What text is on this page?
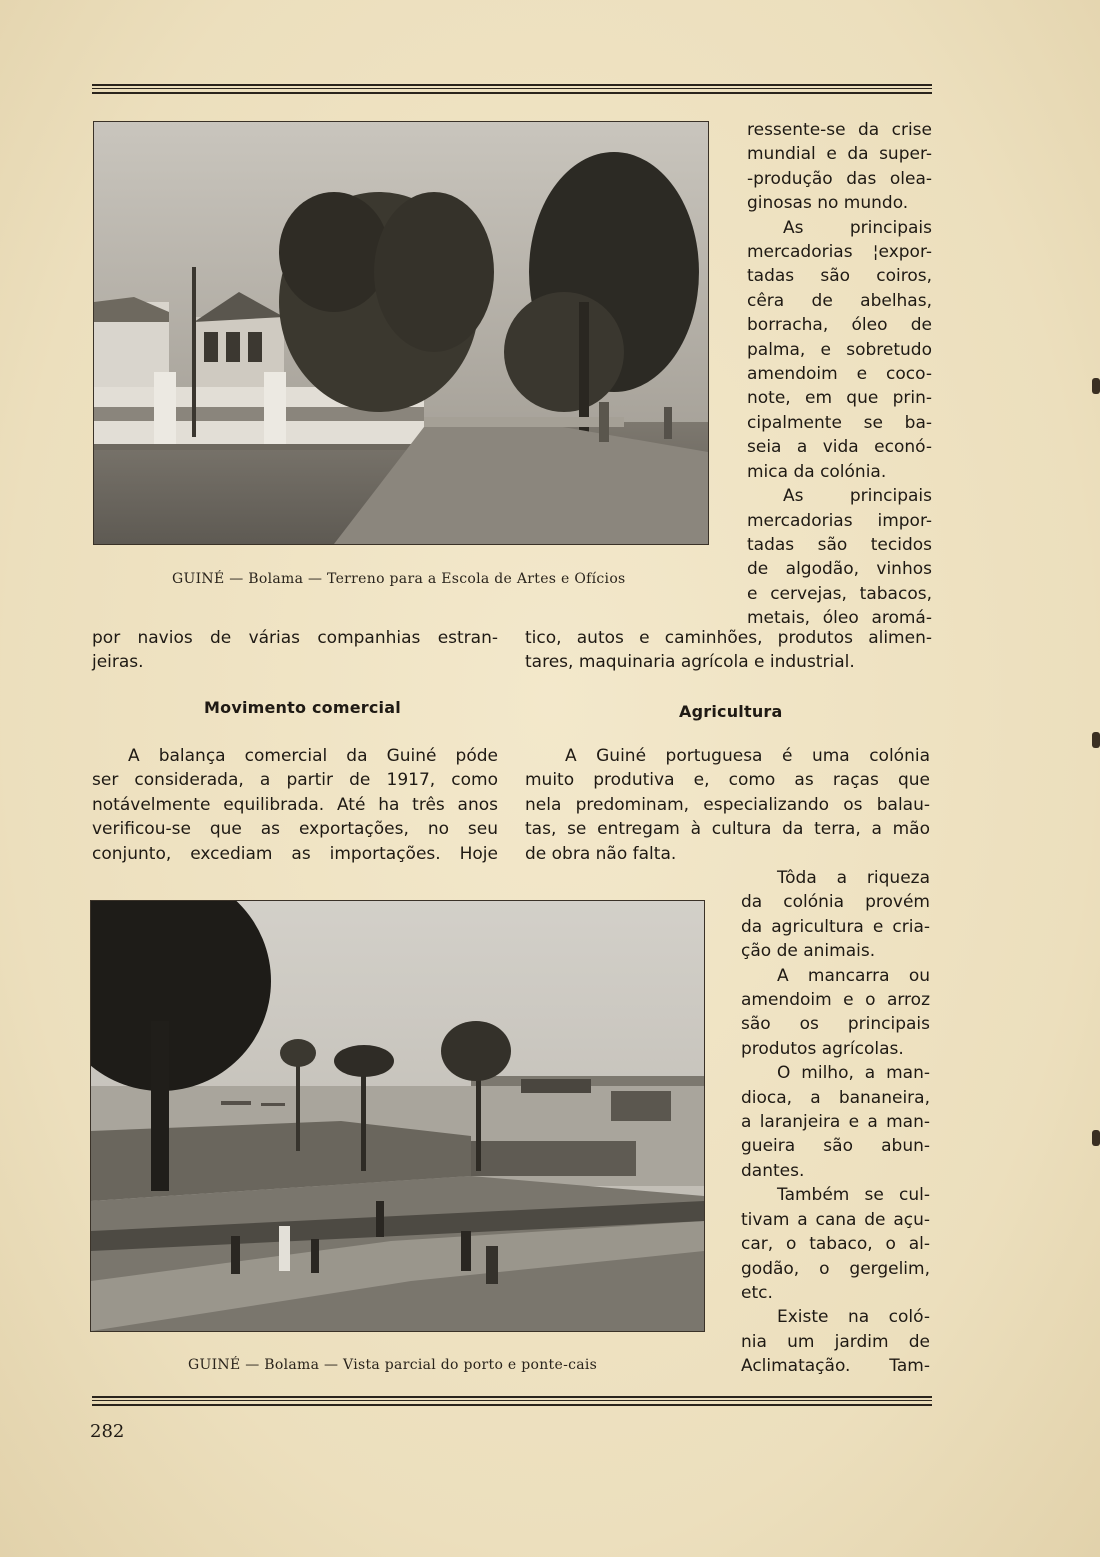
GUINÉ — Bolama — Terreno para a Escola de Artes e Ofícios
ressente-se da crise
mundial e da super-
-produção das olea-
ginosas no mundo.
As principais
mercadorias ¦expor-
tadas são coiros,
cêra de abelhas,
borracha, óleo de
palma, e sobretudo
amendoim e coco-
note, em que prin-
cipalmente se ba-
seia a vida econó-
mica da colónia.
As principais
mercadorias impor-
tadas são tecidos
de algodão, vinhos
e cervejas, tabacos,
metais, óleo aromá-
tico, autos e caminhões, produtos alimen-
tares, maquinaria agrícola e industrial.
por navios de várias companhias estran-
jeiras.
Movimento comercial	Agricultura
A balança comercial da Guiné póde
ser considerada, a partir de 1917, como
notávelmente equilibrada. Até ha três anos
verificou-se que as exportações, no seu
conjunto, excediam as importações. Hoje
A Guiné portuguesa é uma colónia
muito produtiva e, como as raças que
nela predominam, especializando os balau-
tas, se entregam à cultura da terra, a mão
de obra não falta.
GUINÉ — Bolama — Vista parcial do porto e ponte-cais
Tôda a riqueza
da colónia provém
da agricultura e cria-
ção de animais.
A mancarra ou
amendoim e o arroz
são os principais
produtos agrícolas.
O milho, a man-
dioca, a bananeira,
a laranjeira e a man-
gueira são abun-
dantes.
Também se cul-
tivam a cana de açu-
car, o tabaco, o al-
godão, o gergelim,
etc.
Existe na coló-
nia um jardim de
Aclimatação. Tam-
282
